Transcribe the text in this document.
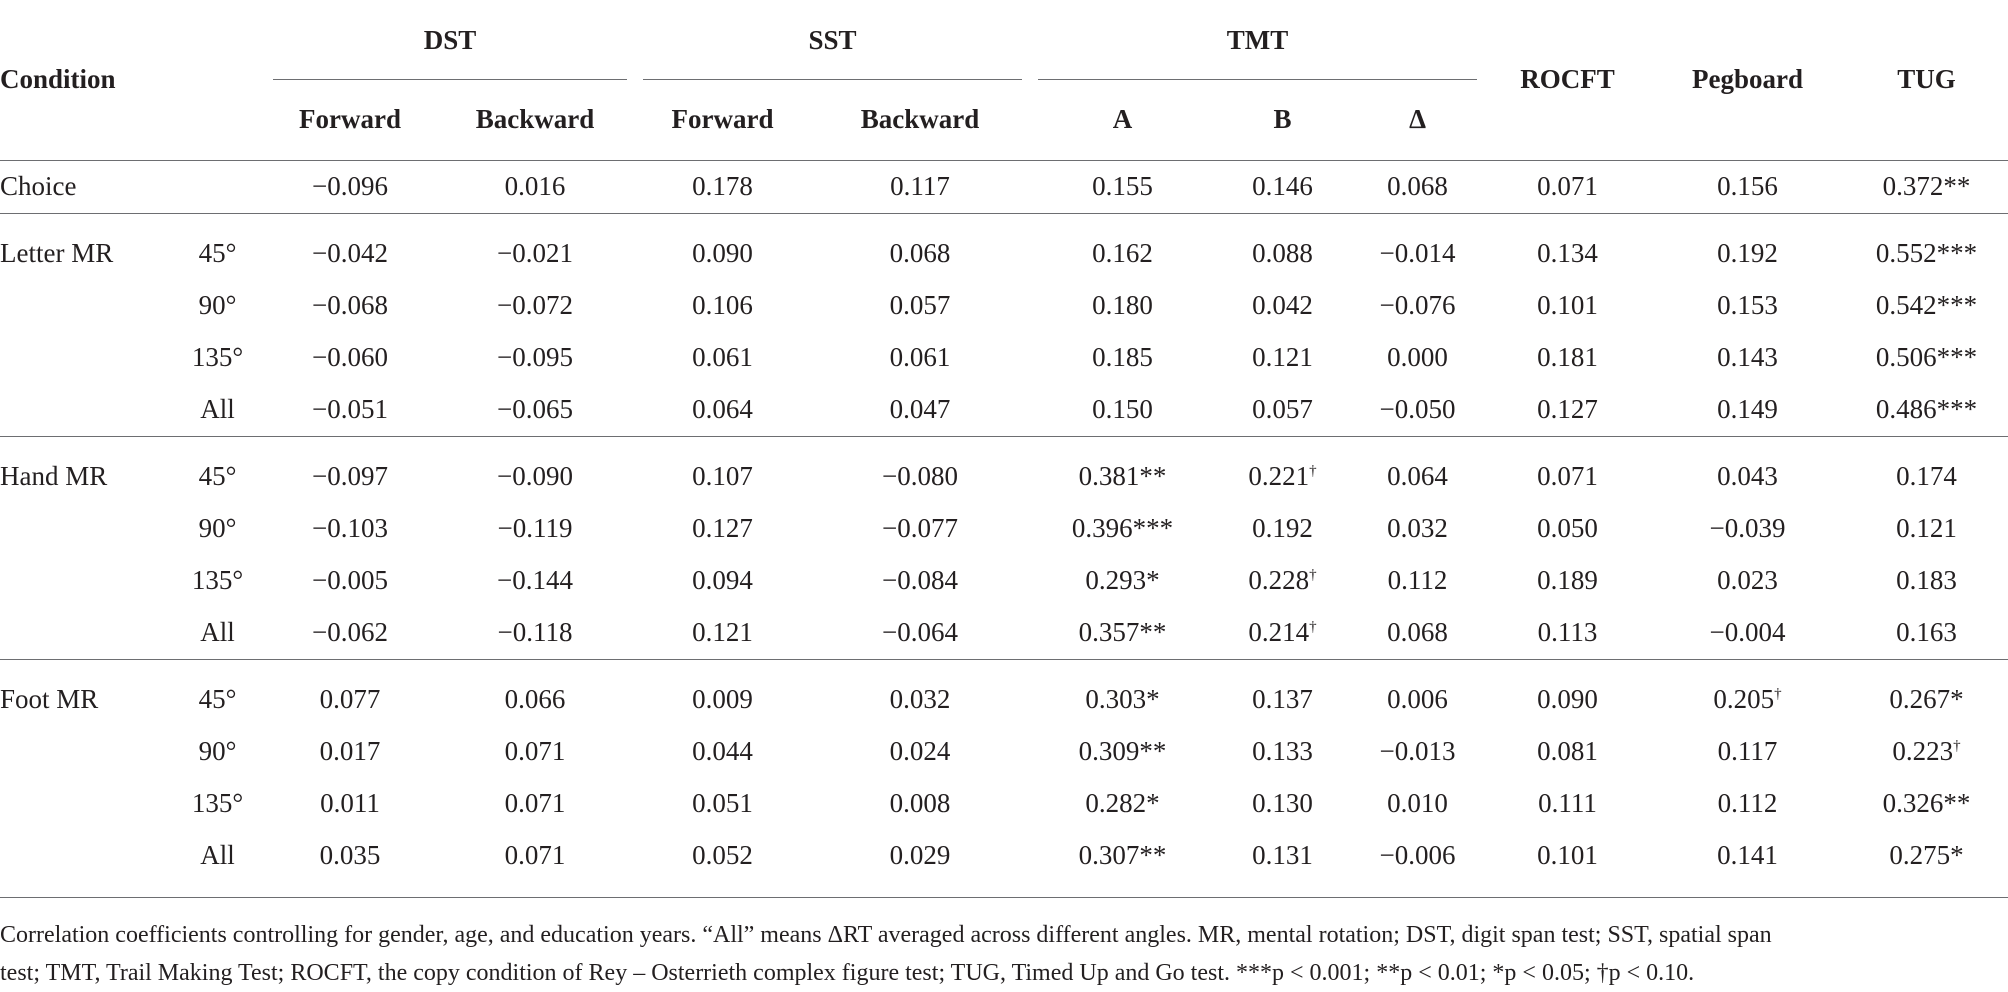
Condition		DST		SST		TMT			ROCFT	Pegboard	TUG
		Forward	Backward	Forward	Backward	A	B	Δ			
Choice		−0.096	0.016	0.178	0.117	0.155	0.146	0.068	0.071	0.156	0.372**
Letter MR	45°	−0.042	−0.021	0.090	0.068	0.162	0.088	−0.014	0.134	0.192	0.552***
	90°	−0.068	−0.072	0.106	0.057	0.180	0.042	−0.076	0.101	0.153	0.542***
	135°	−0.060	−0.095	0.061	0.061	0.185	0.121	0.000	0.181	0.143	0.506***
	All	−0.051	−0.065	0.064	0.047	0.150	0.057	−0.050	0.127	0.149	0.486***
Hand MR	45°	−0.097	−0.090	0.107	−0.080	0.381**	0.221†	0.064	0.071	0.043	0.174
	90°	−0.103	−0.119	0.127	−0.077	0.396***	0.192	0.032	0.050	−0.039	0.121
	135°	−0.005	−0.144	0.094	−0.084	0.293*	0.228†	0.112	0.189	0.023	0.183
	All	−0.062	−0.118	0.121	−0.064	0.357**	0.214†	0.068	0.113	−0.004	0.163
Foot MR	45°	0.077	0.066	0.009	0.032	0.303*	0.137	0.006	0.090	0.205†	0.267*
	90°	0.017	0.071	0.044	0.024	0.309**	0.133	−0.013	0.081	0.117	0.223†
	135°	0.011	0.071	0.051	0.008	0.282*	0.130	0.010	0.111	0.112	0.326**
	All	0.035	0.071	0.052	0.029	0.307**	0.131	−0.006	0.101	0.141	0.275*
Correlation coefficients controlling for gender, age, and education years. “All” means ΔRT averaged across different angles. MR, mental rotation; DST, digit span test; SST, spatial span
test; TMT, Trail Making Test; ROCFT, the copy condition of Rey – Osterrieth complex figure test; TUG, Timed Up and Go test. ***p < 0.001; **p < 0.01; *p < 0.05; †p < 0.10.
